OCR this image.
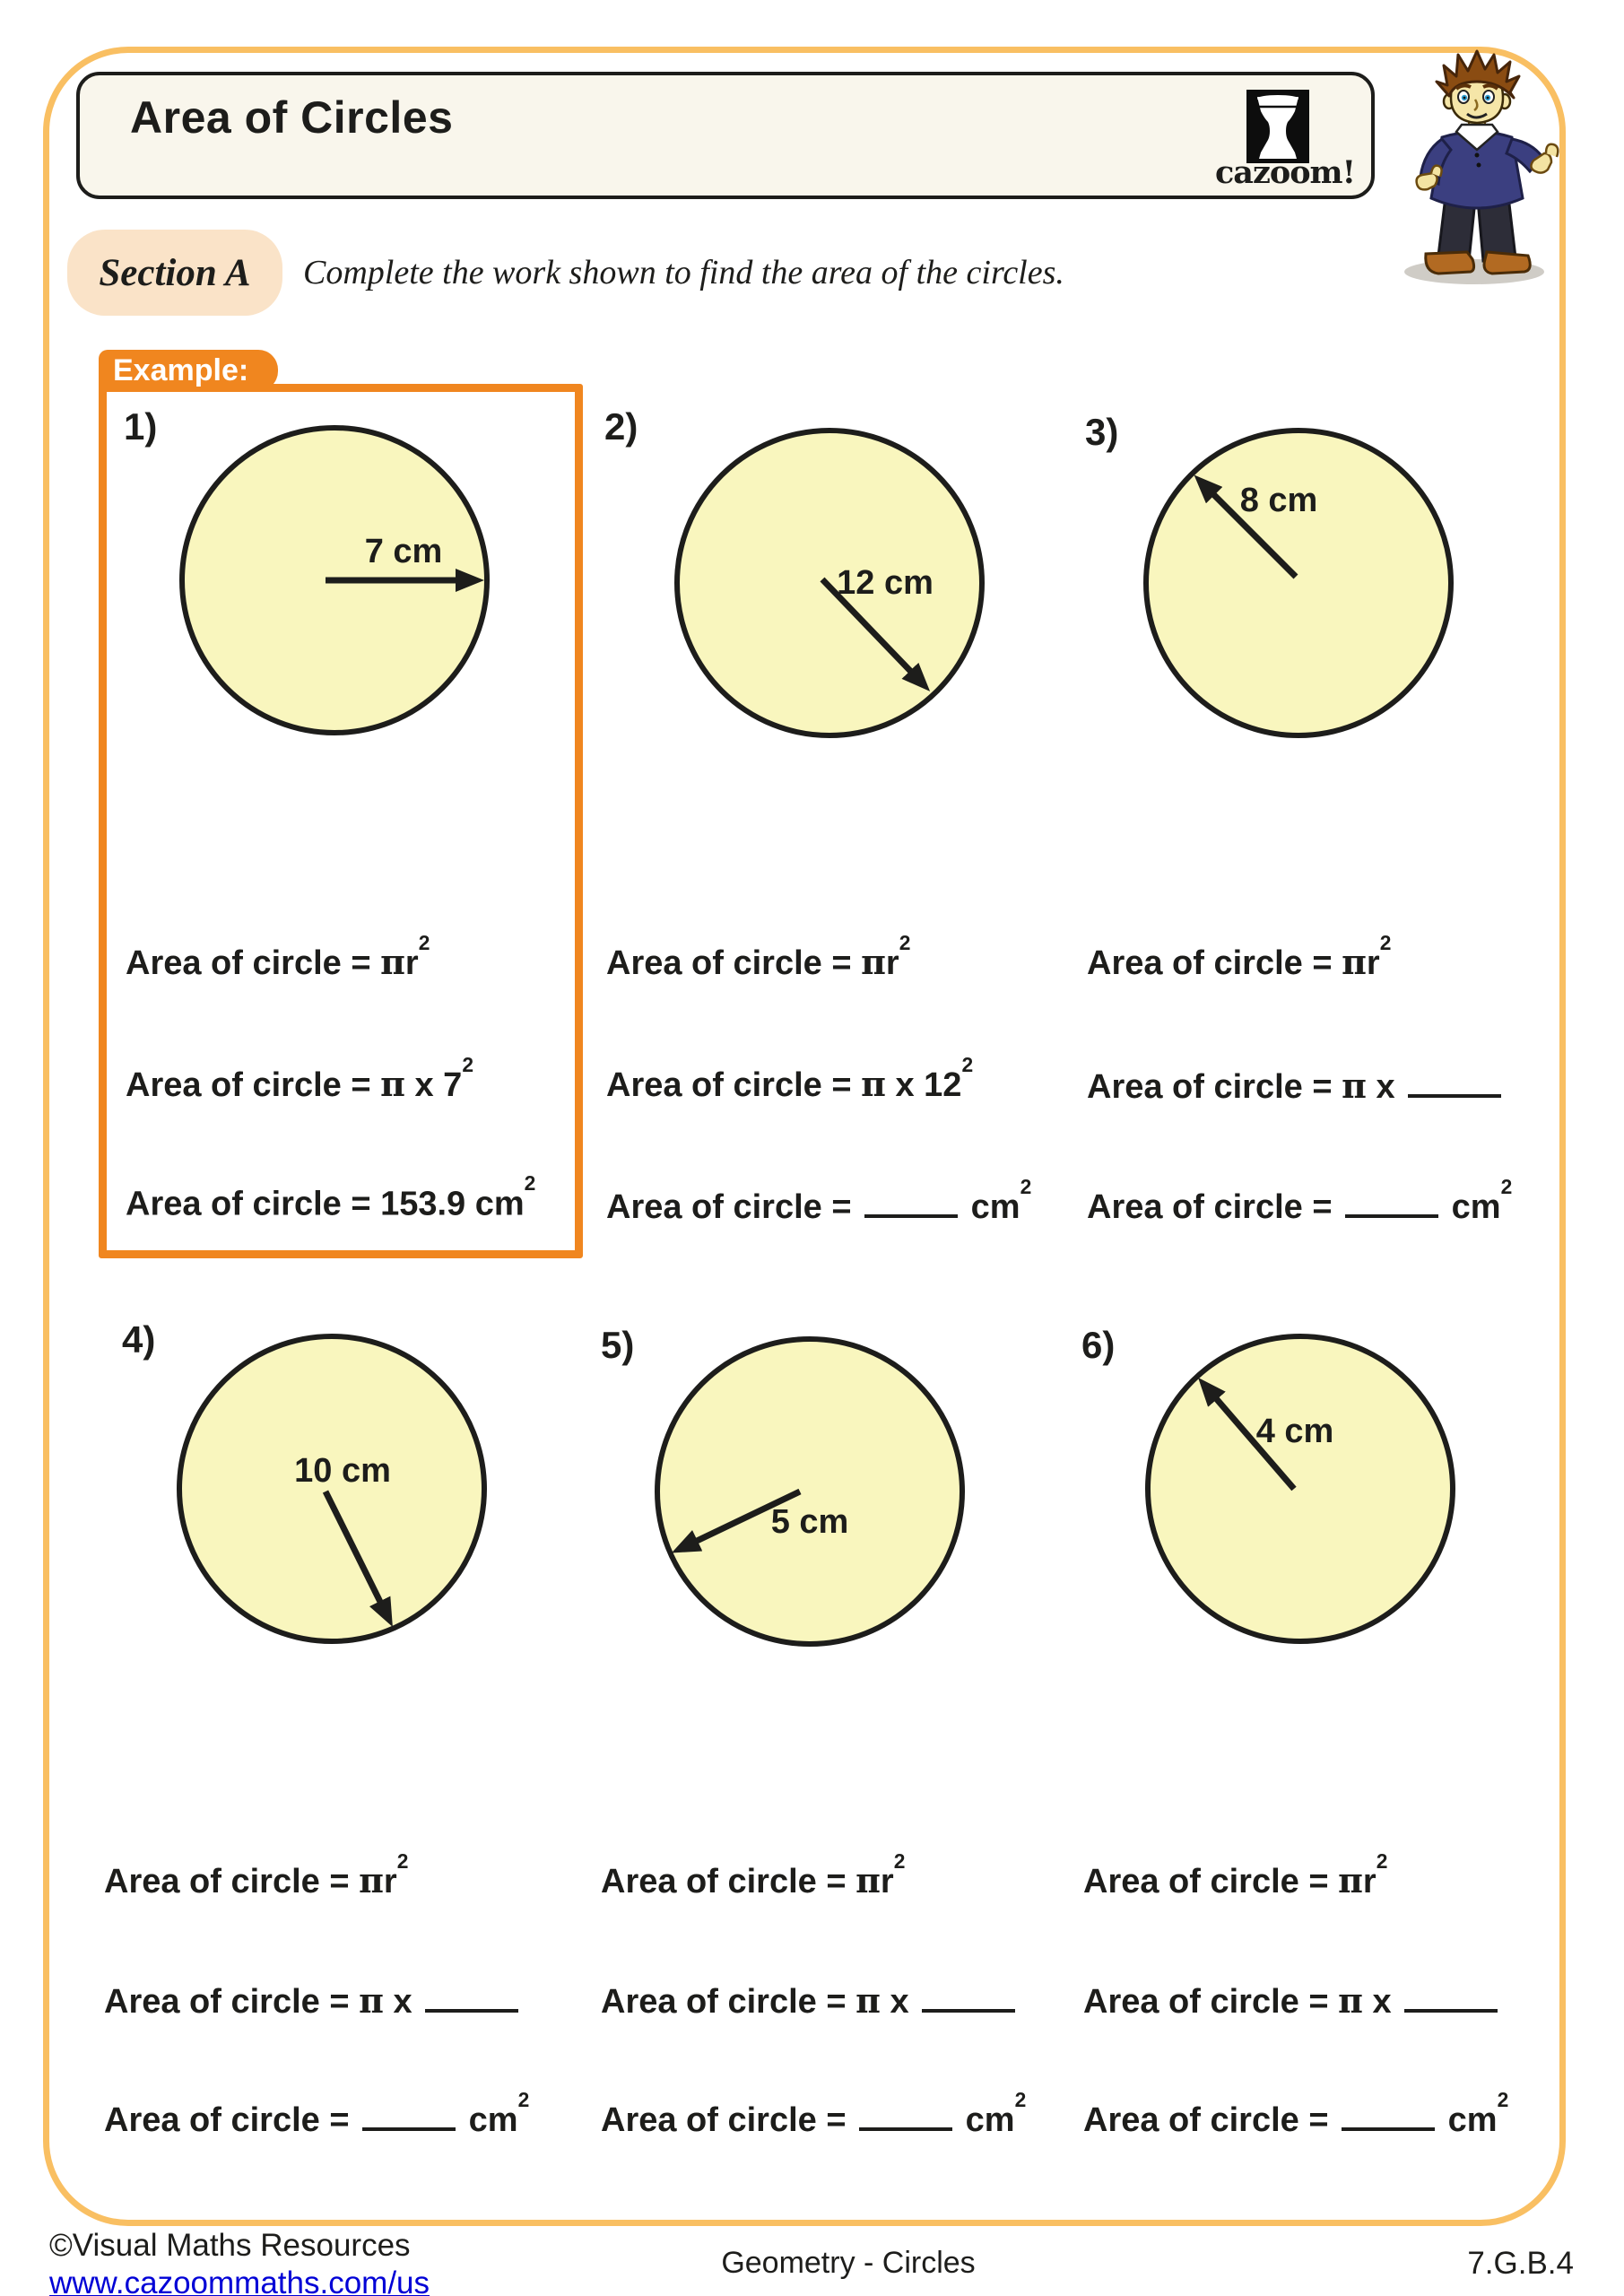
Area of Circles
cazoom!
Section A Complete the work shown to find the area of the circles.
Example:
1)	2)	3)
4)	5)	6)
7 cm
12 cm
8 cm
10 cm
5 cm
4 cm
Area of circle = $\pi r^2$
Area of circle = π x $7^2$
Area of circle = 153.9 $cm^2$
Area of circle = $\pi r^2$
Area of circle = π x $12^2$
Area of circle =	$cm^2$
Area of circle = $\pi r^2$
Area of circle = π x
Area of circle =	$cm^2$
Area of circle = $\pi r^2$
Area of circle = π x
Area of circle =	$cm^2$
Area of circle = $\pi r^2$
Area of circle = π x
Area of circle =	$cm^2$
Area of circle = $\pi r^2$
Area of circle = π x
Area of circle =	$cm^2$
©Visual Maths Resources
www.cazoommaths.com/us
Geometry - Circles	7.G.B.4
